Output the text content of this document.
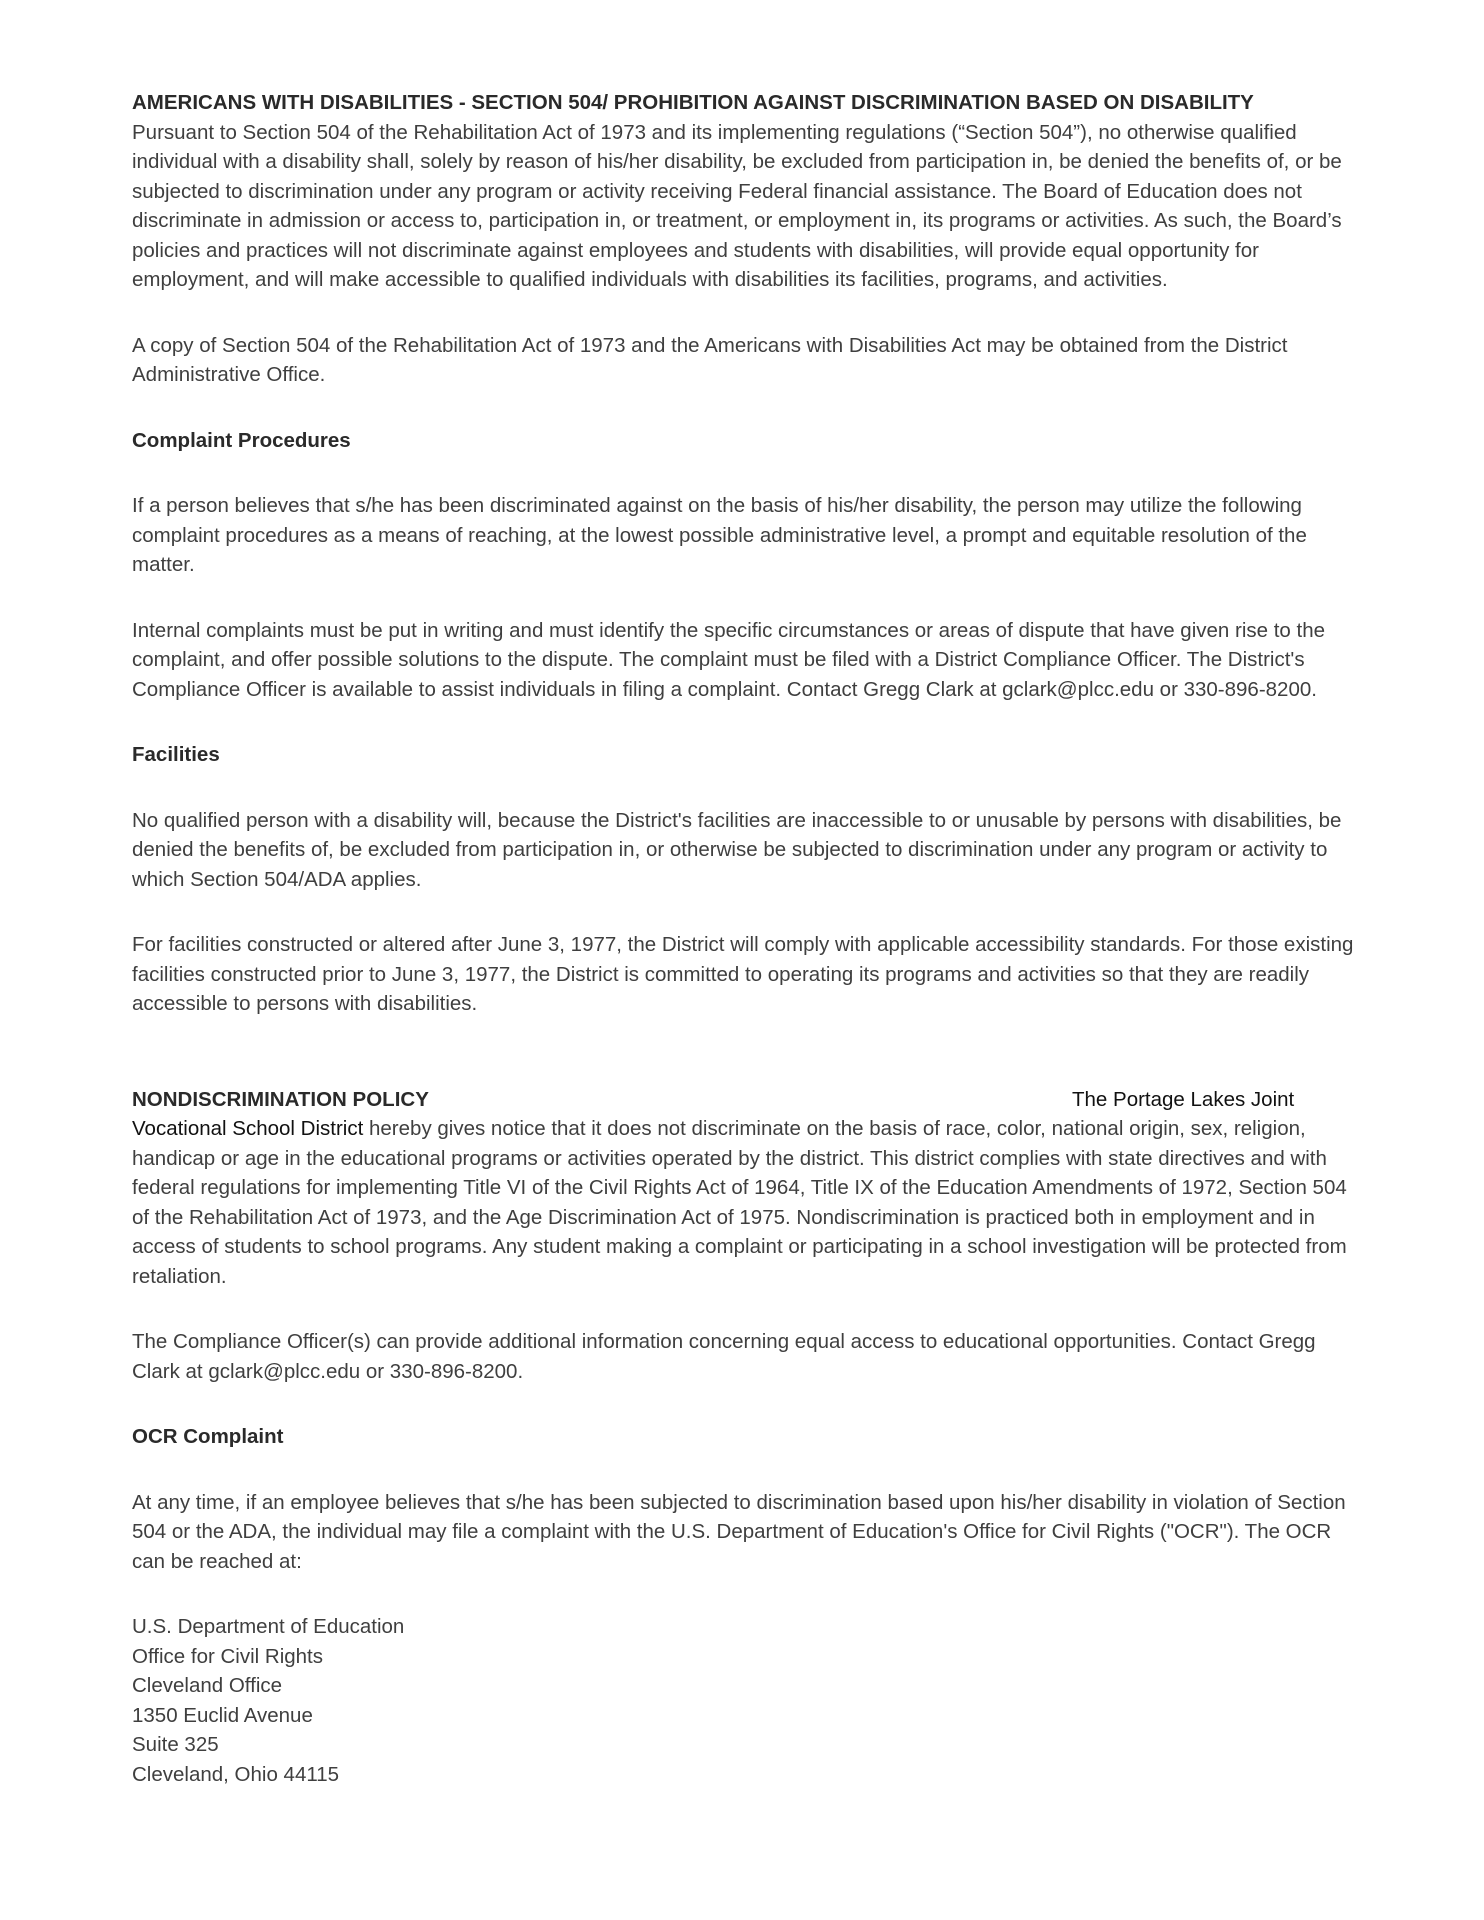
AMERICANS WITH DISABILITIES - SECTION 504/ PROHIBITION AGAINST DISCRIMINATION BASED ON DISABILITY

Pursuant to Section 504 of the Rehabilitation Act of 1973 and its implementing regulations (“Section 504”), no otherwise qualified individual with a disability shall, solely by reason of his/her disability, be excluded from participation in, be denied the benefits of, or be subjected to discrimination under any program or activity receiving Federal financial assistance. The Board of Education does not discriminate in admission or access to, participation in, or treatment, or employment in, its programs or activities. As such, the Board’s policies and practices will not discriminate against employees and students with disabilities, will provide equal opportunity for employment, and will make accessible to qualified individuals with disabilities its facilities, programs, and activities.

A copy of Section 504 of the Rehabilitation Act of 1973 and the Americans with Disabilities Act may be obtained from the District Administrative Office.

Complaint Procedures

If a person believes that s/he has been discriminated against on the basis of his/her disability, the person may utilize the following complaint procedures as a means of reaching, at the lowest possible administrative level, a prompt and equitable resolution of the matter.

Internal complaints must be put in writing and must identify the specific circumstances or areas of dispute that have given rise to the complaint, and offer possible solutions to the dispute. The complaint must be filed with a District Compliance Officer. The District's Compliance Officer is available to assist individuals in filing a complaint. Contact Gregg Clark at gclark@plcc.edu or 330-896-8200.

Facilities

No qualified person with a disability will, because the District's facilities are inaccessible to or unusable by persons with disabilities, be denied the benefits of, be excluded from participation in, or otherwise be subjected to discrimination under any program or activity to which Section 504/ADA applies.

For facilities constructed or altered after June 3, 1977, the District will comply with applicable accessibility standards. For those existing facilities constructed prior to June 3, 1977, the District is committed to operating its programs and activities so that they are readily accessible to persons with disabilities.

NONDISCRIMINATION POLICY	The Portage Lakes Joint

Vocational School District hereby gives notice that it does not discriminate on the basis of race, color, national origin, sex, religion, handicap or age in the educational programs or activities operated by the district. This district complies with state directives and with federal regulations for implementing Title VI of the Civil Rights Act of 1964, Title IX of the Education Amendments of 1972, Section 504 of the Rehabilitation Act of 1973, and the Age Discrimination Act of 1975. Nondiscrimination is practiced both in employment and in access of students to school programs. Any student making a complaint or participating in a school investigation will be protected from retaliation.

The Compliance Officer(s) can provide additional information concerning equal access to educational opportunities. Contact Gregg Clark at gclark@plcc.edu or 330-896-8200.

OCR Complaint

At any time, if an employee believes that s/he has been subjected to discrimination based upon his/her disability in violation of Section 504 or the ADA, the individual may file a complaint with the U.S. Department of Education's Office for Civil Rights ("OCR"). The OCR can be reached at:

U.S. Department of Education

Office for Civil Rights

Cleveland Office

1350 Euclid Avenue

Suite 325

Cleveland, Ohio 44115
